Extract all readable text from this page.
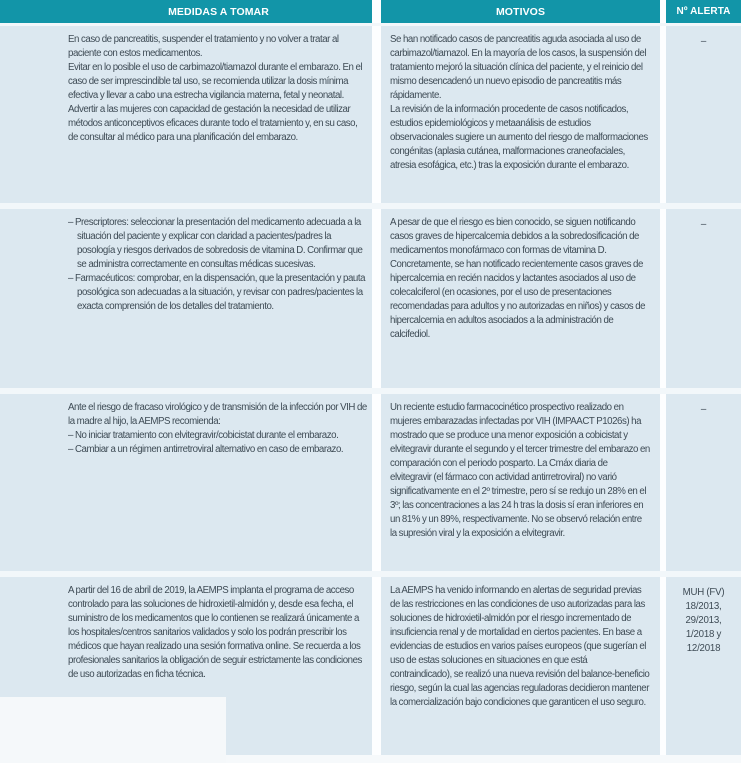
MEDIDAS A TOMAR	MOTIVOS	Nº ALERTA

En caso de pancreatitis, suspender el tratamiento y no volver a tratar al paciente con estos medicamentos.

Evitar en lo posible el uso de carbimazol/tiamazol durante el embarazo. En el caso de ser imprescindible tal uso, se recomienda utilizar la dosis mínima efectiva y llevar a cabo una estrecha vigilancia materna, fetal y neonatal.

Advertir a las mujeres con capacidad de gestación la necesidad de utilizar métodos anticonceptivos eficaces durante todo el tratamiento y, en su caso, de consultar al médico para una planificación del embarazo.

Se han notificado casos de pancreatitis aguda asociada al uso de carbimazol/tiamazol. En la mayoría de los casos, la suspensión del tratamiento mejoró la situación clínica del paciente, y el reinicio del mismo desencadenó un nuevo episodio de pancreatitis más rápidamente.

La revisión de la información procedente de casos notificados, estudios epidemiológicos y metaanálisis de estudios observacionales sugiere un aumento del riesgo de malformaciones congénitas (aplasia cutánea, malformaciones craneofaciales, atresia esofágica, etc.) tras la exposición durante el embarazo.

–

– Prescriptores: seleccionar la presentación del medicamento adecuada a la situación del paciente y explicar con claridad a pacientes/padres la posología y riesgos derivados de sobredosis de vitamina D. Confirmar que se administra correctamente en consultas médicas sucesivas.

– Farmacéuticos: comprobar, en la dispensación, que la presentación y pauta posológica son adecuadas a la situación, y revisar con padres/pacientes la exacta comprensión de los detalles del tratamiento.

A pesar de que el riesgo es bien conocido, se siguen notificando casos graves de hipercalcemia debidos a la sobredosificación de medicamentos monofármaco con formas de vitamina D. Concretamente, se han notificado recientemente casos graves de hipercalcemia en recién nacidos y lactantes asociados al uso de colecalciferol (en ocasiones, por el uso de presentaciones recomendadas para adultos y no autorizadas en niños) y casos de hipercalcemia en adultos asociados a la administración de calcifediol.

–

Ante el riesgo de fracaso virológico y de transmisión de la infección por VIH de la madre al hijo, la AEMPS recomienda:

– No iniciar tratamiento con elvitegravir/cobicistat durante el embarazo.

– Cambiar a un régimen antirretroviral alternativo en caso de embarazo.

Un reciente estudio farmacocinético prospectivo realizado en mujeres embarazadas infectadas por VIH (IMPAACT P1026s) ha mostrado que se produce una menor exposición a cobicistat y elvitegravir durante el segundo y el tercer trimestre del embarazo en comparación con el periodo posparto. La Cmáx diaria de elvitegravir (el fármaco con actividad antirretroviral) no varió significativamente en el 2º trimestre, pero sí se redujo un 28% en el 3º; las concentraciones a las 24 h tras la dosis sí eran inferiores en un 81% y un 89%, respectivamente. No se observó relación entre la supresión viral y la exposición a elvitegravir.

–

A partir del 16 de abril de 2019, la AEMPS implanta el programa de acceso controlado para las soluciones de hidroxietil-almidón y, desde esa fecha, el suministro de los medicamentos que lo contienen se realizará únicamente a los hospitales/centros sanitarios validados y solo los podrán prescribir los médicos que hayan realizado una sesión formativa online. Se recuerda a los profesionales sanitarios la obligación de seguir estrictamente las condiciones de uso autorizadas en ficha técnica.

La AEMPS ha venido informando en alertas de seguridad previas de las restricciones en las condiciones de uso autorizadas para las soluciones de hidroxietil-almidón por el riesgo incrementado de insuficiencia renal y de mortalidad en ciertos pacientes. En base a evidencias de estudios en varios países europeos (que sugerían el uso de estas soluciones en situaciones en que está contraindicado), se realizó una nueva revisión del balance-beneficio riesgo, según la cual las agencias reguladoras decidieron mantener la comercialización bajo condiciones que garanticen el uso seguro.

MUH (FV) 18/2013, 29/2013, 1/2018 y 12/2018
